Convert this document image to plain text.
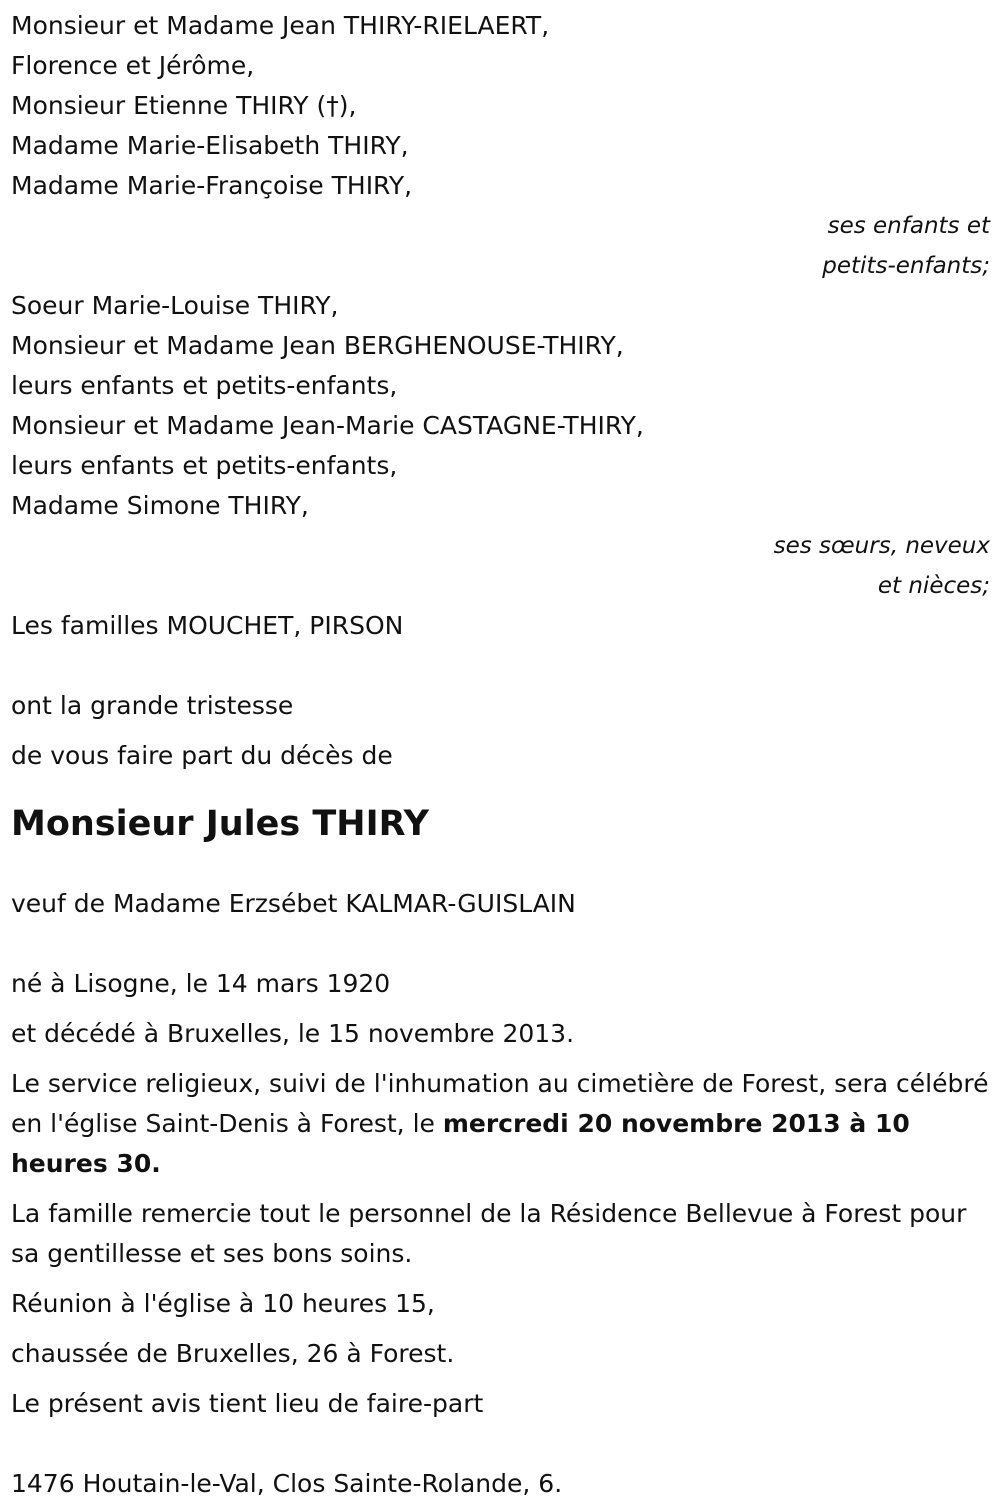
Monsieur et Madame Jean THIRY-RIELAERT,
Florence et Jérôme,
Monsieur Etienne THIRY (†),
Madame Marie-Elisabeth THIRY,
Madame Marie-Françoise THIRY,
ses enfants et
petits-enfants;
Soeur Marie-Louise THIRY,
Monsieur et Madame Jean BERGHENOUSE-THIRY,
leurs enfants et petits-enfants,
Monsieur et Madame Jean-Marie CASTAGNE-THIRY,
leurs enfants et petits-enfants,
Madame Simone THIRY,
ses sœurs, neveux
et nièces;
Les familles MOUCHET, PIRSON
ont la grande tristesse
de vous faire part du décès de
Monsieur Jules THIRY
veuf de Madame Erzsébet KALMAR-GUISLAIN
né à Lisogne, le 14 mars 1920
et décédé à Bruxelles, le 15 novembre 2013.
Le service religieux, suivi de l'inhumation au cimetière de Forest, sera célébré en l'église Saint-Denis à Forest, le mercredi 20 novembre 2013 à 10 heures 30.
La famille remercie tout le personnel de la Résidence Bellevue à Forest pour sa gentillesse et ses bons soins.
Réunion à l'église à 10 heures 15,
chaussée de Bruxelles, 26 à Forest.
Le présent avis tient lieu de faire-part
1476 Houtain-le-Val, Clos Sainte-Rolande, 6.
